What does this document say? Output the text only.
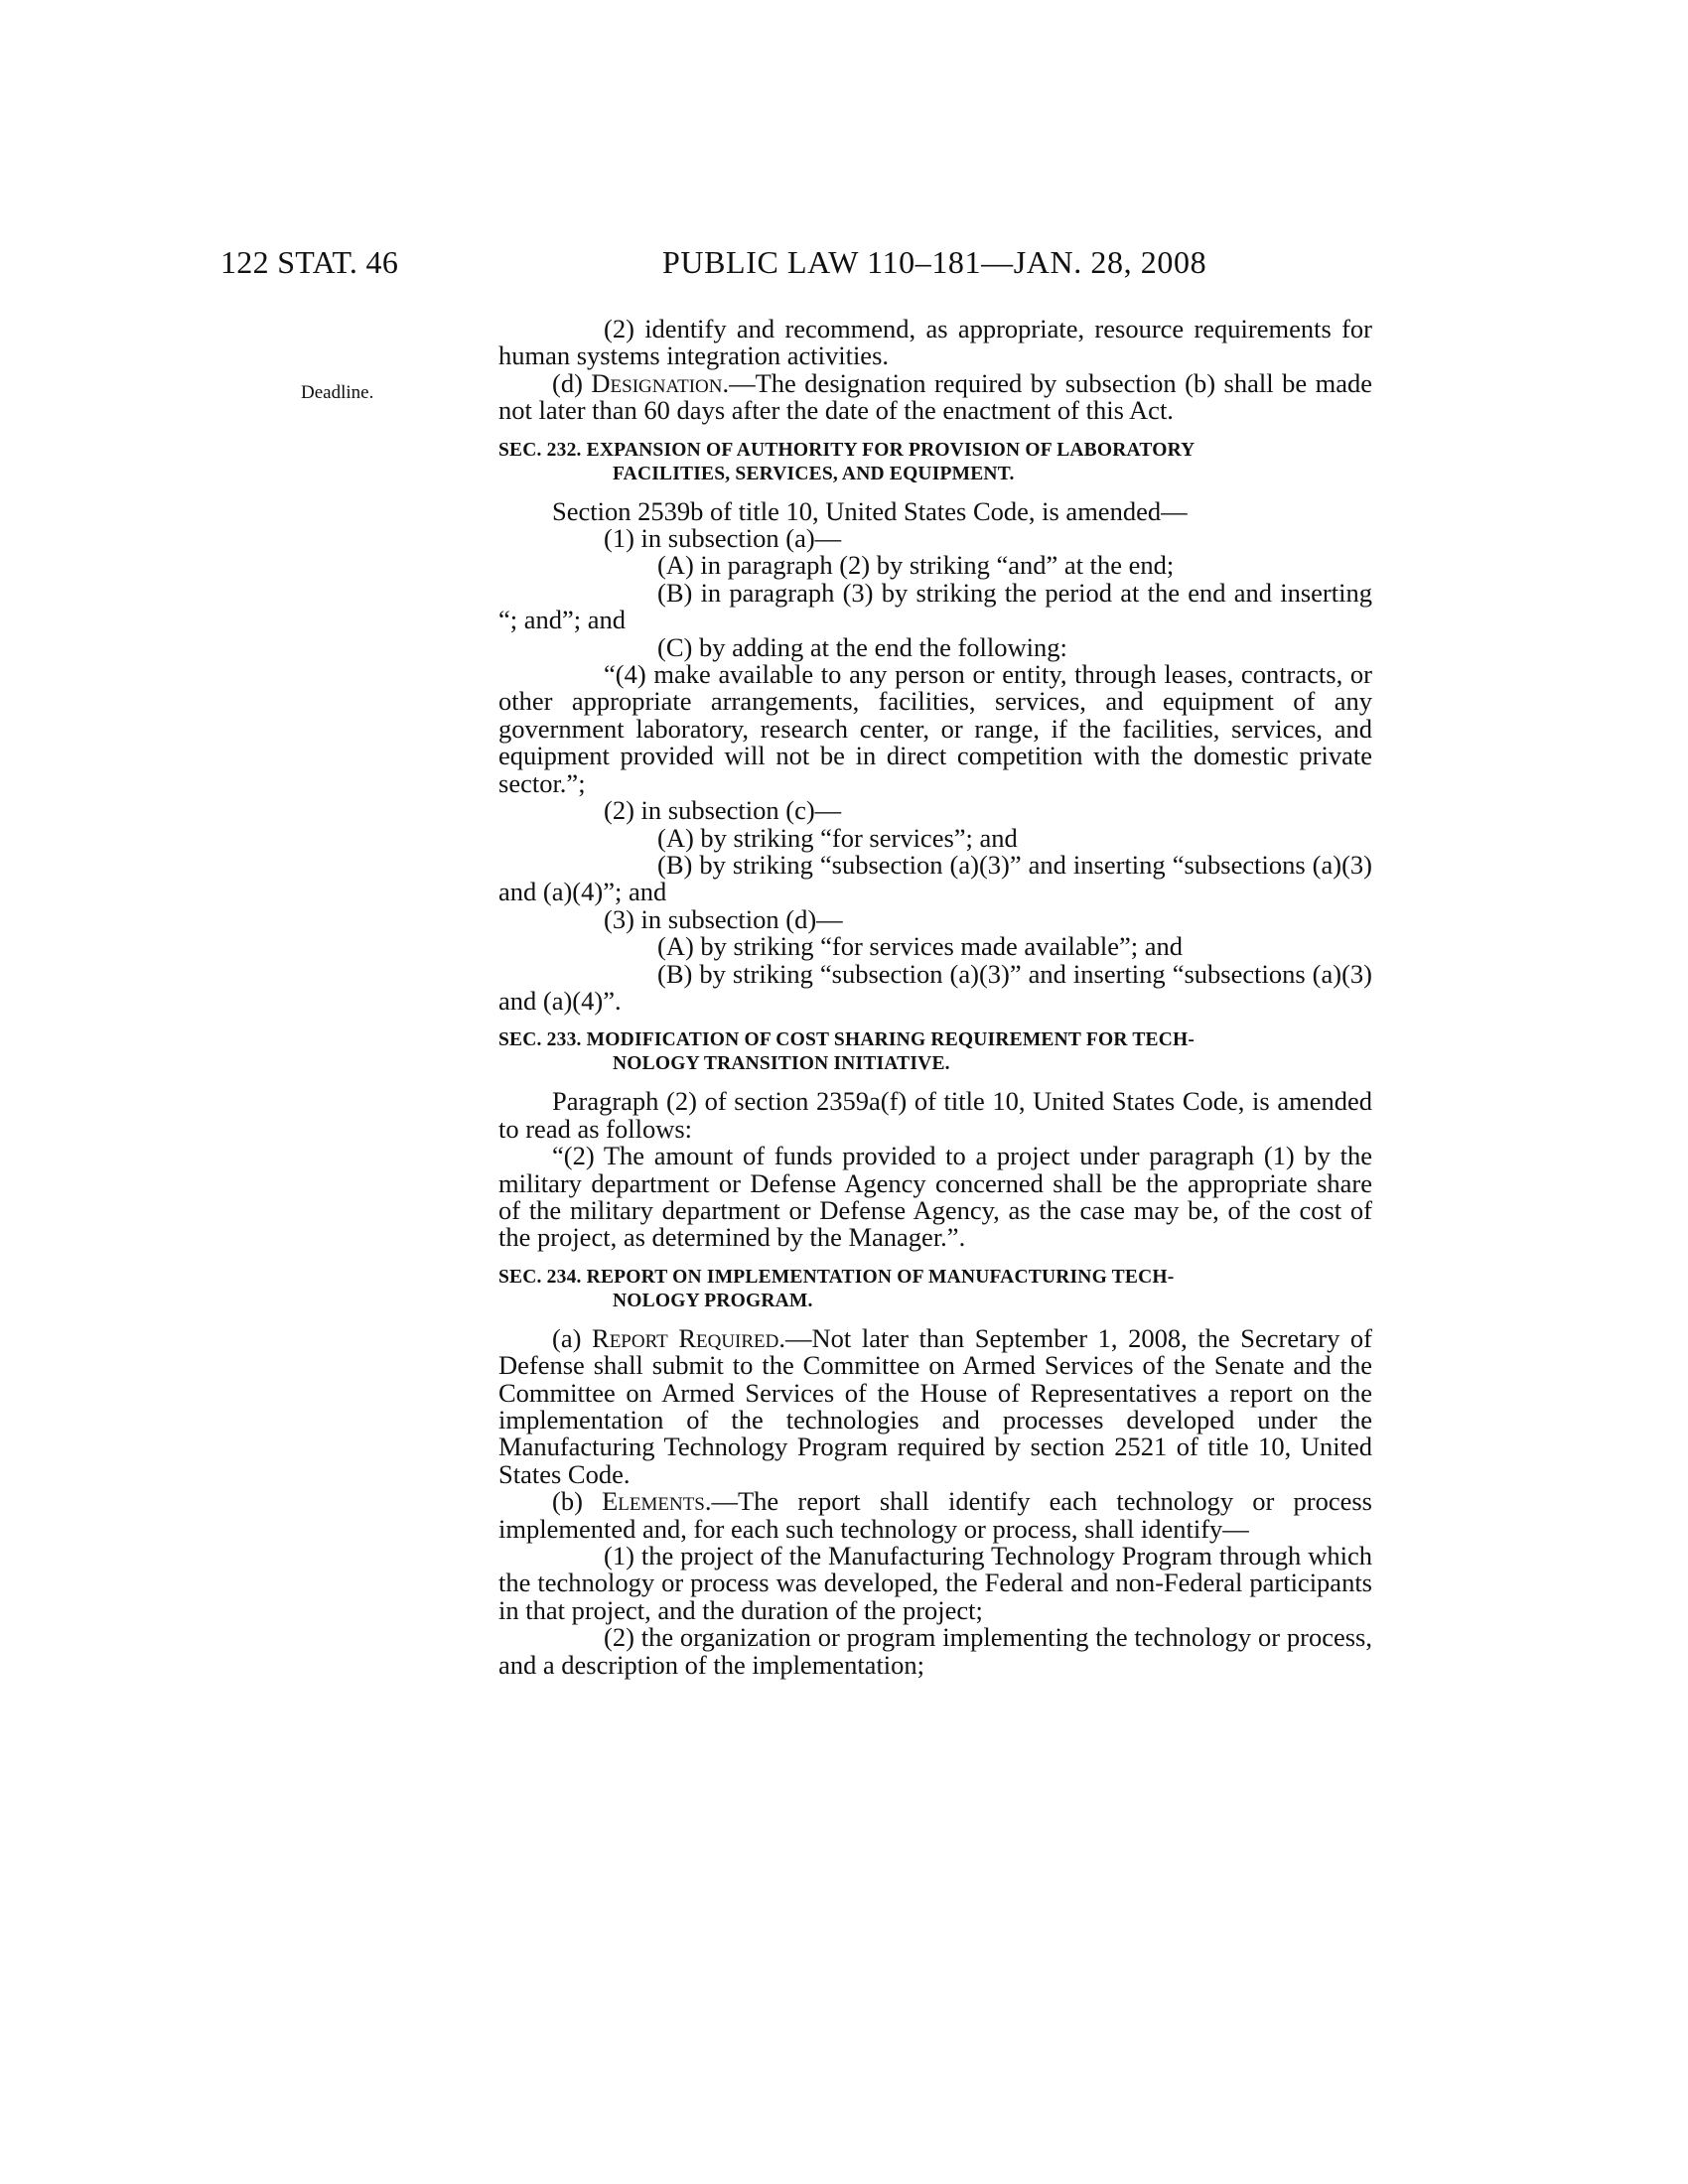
122 STAT. 46	PUBLIC LAW 110–181—JAN. 28, 2008
Deadline.

(2) identify and recommend, as appropriate, resource requirements for human systems integration activities.

(d) Designation.—The designation required by subsection (b) shall be made not later than 60 days after the date of the enactment of this Act.

SEC. 232. EXPANSION OF AUTHORITY FOR PROVISION OF LABORATORY
FACILITIES, SERVICES, AND EQUIPMENT.

Section 2539b of title 10, United States Code, is amended—

(1) in subsection (a)—

(A) in paragraph (2) by striking “and” at the end;

(B) in paragraph (3) by striking the period at the end and inserting “; and”; and

(C) by adding at the end the following:

“(4) make available to any person or entity, through leases, contracts, or other appropriate arrangements, facilities, services, and equipment of any government laboratory, research center, or range, if the facilities, services, and equipment provided will not be in direct competition with the domestic private sector.”;

(2) in subsection (c)—

(A) by striking “for services”; and

(B) by striking “subsection (a)(3)” and inserting “subsections (a)(3) and (a)(4)”; and

(3) in subsection (d)—

(A) by striking “for services made available”; and

(B) by striking “subsection (a)(3)” and inserting “subsections (a)(3) and (a)(4)”.

SEC. 233. MODIFICATION OF COST SHARING REQUIREMENT FOR TECH-
NOLOGY TRANSITION INITIATIVE.

Paragraph (2) of section 2359a(f) of title 10, United States Code, is amended to read as follows:

“(2) The amount of funds provided to a project under paragraph (1) by the military department or Defense Agency concerned shall be the appropriate share of the military department or Defense Agency, as the case may be, of the cost of the project, as determined by the Manager.”.

SEC. 234. REPORT ON IMPLEMENTATION OF MANUFACTURING TECH-
NOLOGY PROGRAM.

(a) Report Required.—Not later than September 1, 2008, the Secretary of Defense shall submit to the Committee on Armed Services of the Senate and the Committee on Armed Services of the House of Representatives a report on the implementation of the technologies and processes developed under the Manufacturing Technology Program required by section 2521 of title 10, United States Code.

(b) Elements.—The report shall identify each technology or process implemented and, for each such technology or process, shall identify—

(1) the project of the Manufacturing Technology Program through which the technology or process was developed, the Federal and non-Federal participants in that project, and the duration of the project;

(2) the organization or program implementing the technology or process, and a description of the implementation;
